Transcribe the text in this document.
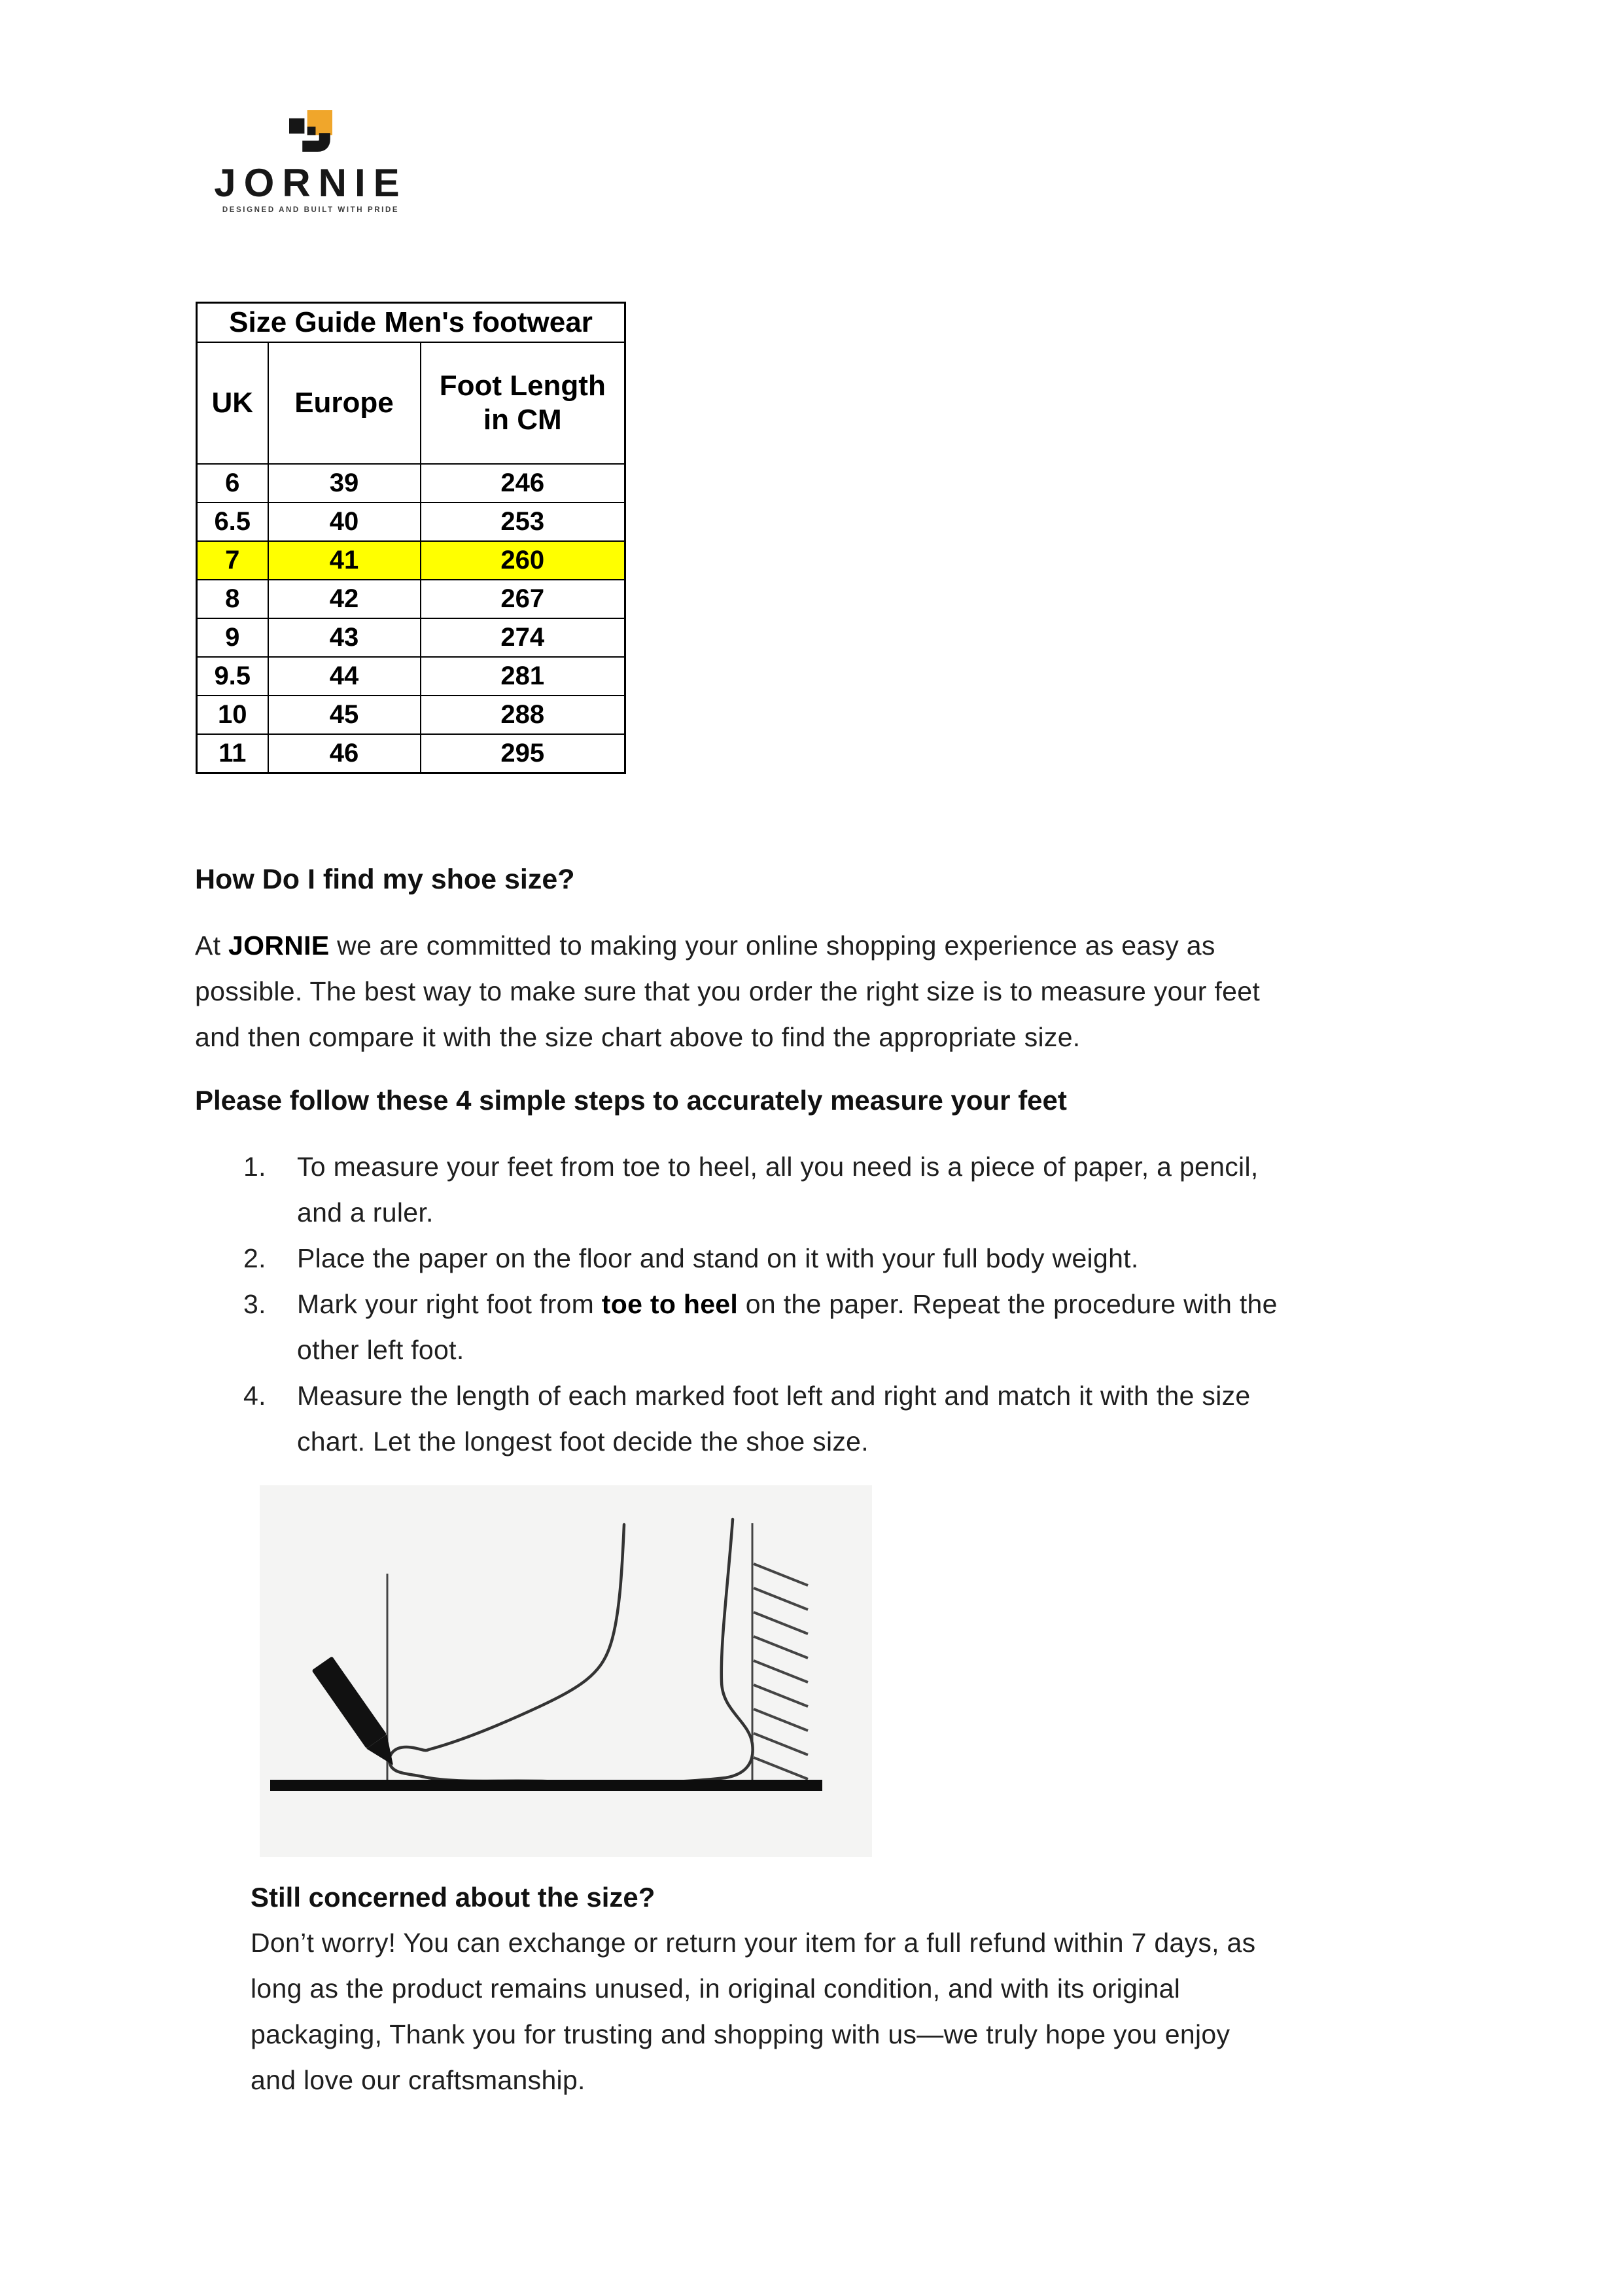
JORNIE
DESIGNED AND BUILT WITH PRIDE
Size Guide Men's footwear		
UK	Europe	Foot Length
in CM

6	39	246
6.5	40	253
7	41	260
8	42	267
9	43	274
9.5	44	281
10	45	288
11	46	295
How Do I find my shoe size?
At JORNIE we are committed to making your online shopping experience as easy as
possible. The best way to make sure that you order the right size is to measure your feet
and then compare it with the size chart above to find the appropriate size.
Please follow these 4 simple steps to accurately measure your feet
1.	To measure your feet from toe to heel, all you need is a piece of paper, a pencil,
and a ruler.
2.	Place the paper on the floor and stand on it with your full body weight.
3.	Mark your right foot from toe to heel on the paper. Repeat the procedure with the
other left foot.
4.	Measure the length of each marked foot left and right and match it with the size
chart. Let the longest foot decide the shoe size.
Still concerned about the size?
Don’t worry! You can exchange or return your item for a full refund within 7 days, as
long as the product remains unused, in original condition, and with its original
packaging, Thank you for trusting and shopping with us—we truly hope you enjoy
and love our craftsmanship.
